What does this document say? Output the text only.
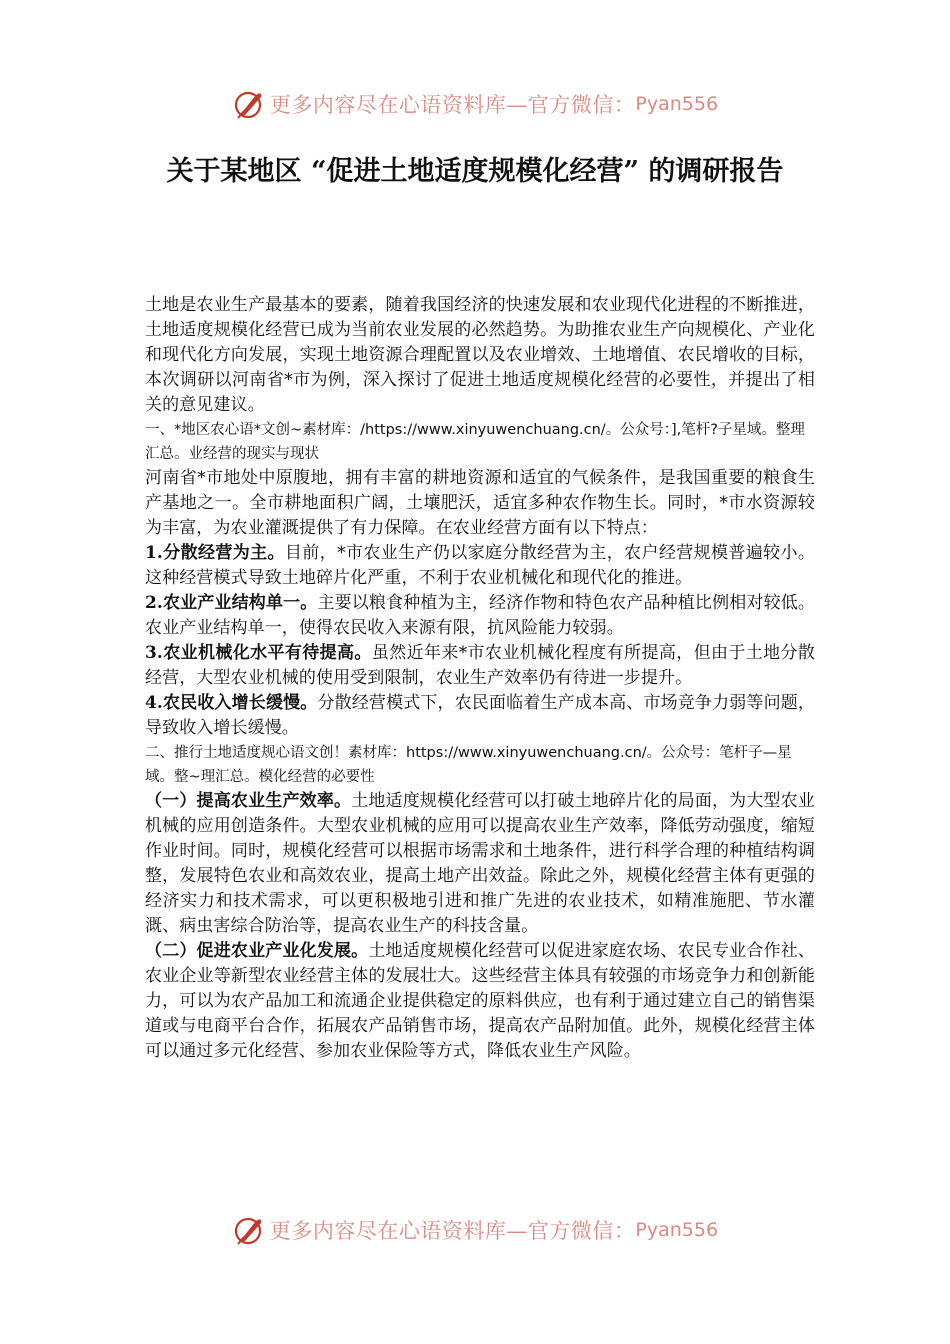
更多内容尽在心语资料库—官方微信： Pyan556
关于某地区 “促进土地适度规模化经营” 的调研报告

土地是农业生产最基本的要素，随着我国经济的快速发展和农业现代化进程的不断推进，土地适度规模化经营已成为当前农业发展的必然趋势。为助推农业生产向规模化、产业化和现代化方向发展，实现土地资源合理配置以及农业增效、土地增值、农民增收的目标，本次调研以河南省*市为例，深入探讨了促进土地适度规模化经营的必要性，并提出了相关的意见建议。

一、*地区农心语*文创~素材库：/https://www.xinyuwenchuang.cn/。公众号：],笔杆?子星域。整理汇总。业经营的现实与现状

河南省*市地处中原腹地，拥有丰富的耕地资源和适宜的气候条件，是我国重要的粮食生产基地之一。全市耕地面积广阔，土壤肥沃，适宜多种农作物生长。同时，*市水资源较为丰富，为农业灌溉提供了有力保障。在农业经营方面有以下特点：

1.分散经营为主。目前，*市农业生产仍以家庭分散经营为主，农户经营规模普遍较小。这种经营模式导致土地碎片化严重，不利于农业机械化和现代化的推进。

2.农业产业结构单一。主要以粮食种植为主，经济作物和特色农产品种植比例相对较低。农业产业结构单一，使得农民收入来源有限，抗风险能力较弱。

3.农业机械化水平有待提高。虽然近年来*市农业机械化程度有所提高，但由于土地分散经营，大型农业机械的使用受到限制，农业生产效率仍有待进一步提升。

4.农民收入增长缓慢。分散经营模式下，农民面临着生产成本高、市场竞争力弱等问题，导致收入增长缓慢。

二、推行土地适度规心语文创！素材库：https://www.xinyuwenchuang.cn/。公众号：笔杆子—星域。整~理汇总。模化经营的必要性

（一）提高农业生产效率。土地适度规模化经营可以打破土地碎片化的局面，为大型农业机械的应用创造条件。大型农业机械的应用可以提高农业生产效率，降低劳动强度，缩短作业时间。同时，规模化经营可以根据市场需求和土地条件，进行科学合理的种植结构调整，发展特色农业和高效农业，提高土地产出效益。除此之外，规模化经营主体有更强的经济实力和技术需求，可以更积极地引进和推广先进的农业技术，如精准施肥、节水灌溉、病虫害综合防治等，提高农业生产的科技含量。

（二）促进农业产业化发展。土地适度规模化经营可以促进家庭农场、农民专业合作社、农业企业等新型农业经营主体的发展壮大。这些经营主体具有较强的市场竞争力和创新能力，可以为农产品加工和流通企业提供稳定的原料供应，也有利于通过建立自己的销售渠道或与电商平台合作，拓展农产品销售市场，提高农产品附加值。此外，规模化经营主体可以通过多元化经营、参加农业保险等方式，降低农业生产风险。

更多内容尽在心语资料库—官方微信： Pyan556
